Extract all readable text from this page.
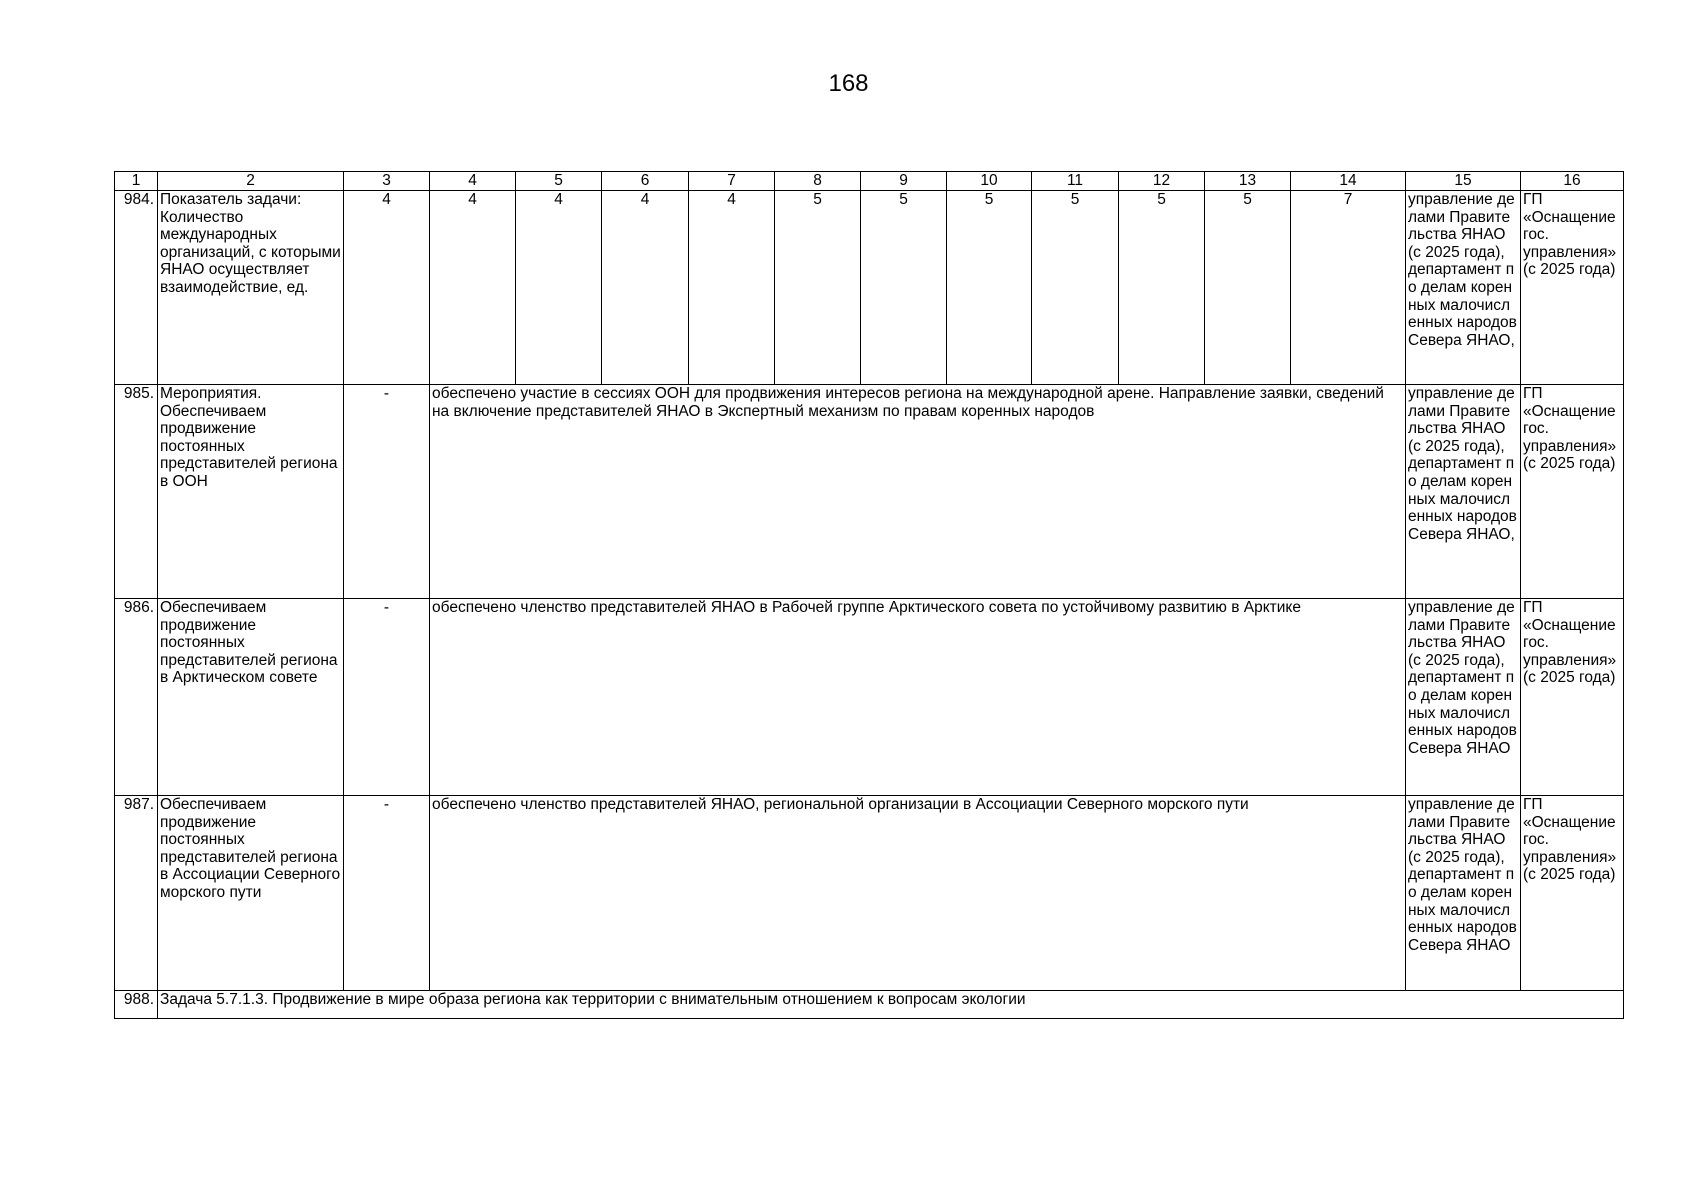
168
1	2	3	4	5	6	7	8	9	10	11	12	13	14	15	16
984.	Показатель задачи: Количество международных организаций, с которыми ЯНАО осуществляет взаимодействие, ед.	4	4	4	4	4	5	5	5	5	5	5	7	управление делами Правительства ЯНАО (с 2025 года), департамент по делам коренных малочисленных народов Севера ЯНАО,	ГП «Оснащение гос. управления» (с 2025 года)
985.	Мероприятия. Обеспечиваем продвижение постоянных представителей региона в ООН	-	обеспечено участие в сессиях ООН для продвижения интересов региона на международной арене. Направление заявки, сведений на включение представителей ЯНАО в Экспертный механизм по правам коренных народов											управление делами Правительства ЯНАО (с 2025 года), департамент по делам коренных малочисленных народов Севера ЯНАО,	ГП «Оснащение гос. управления» (с 2025 года)
986.	Обеспечиваем продвижение постоянных представителей региона в Арктическом совете	-	обеспечено членство представителей ЯНАО в Рабочей группе Арктического совета по устойчивому развитию в Арктике											управление делами Правительства ЯНАО (с 2025 года), департамент по делам коренных малочисленных народов Севера ЯНАО	ГП «Оснащение гос. управления» (с 2025 года)
987.	Обеспечиваем продвижение постоянных представителей региона в Ассоциации Северного морского пути	-	обеспечено членство представителей ЯНАО, региональной организации в Ассоциации Северного морского пути											управление делами Правительства ЯНАО (с 2025 года), департамент по делам коренных малочисленных народов Севера ЯНАО	ГП «Оснащение гос. управления» (с 2025 года)
988.	Задача 5.7.1.3. Продвижение в мире образа региона как территории с внимательным отношением к вопросам экологии														
